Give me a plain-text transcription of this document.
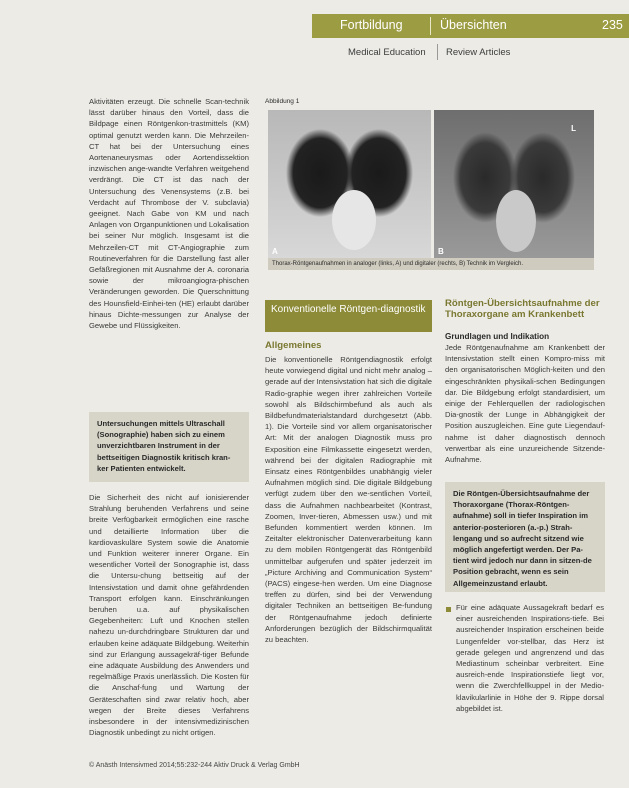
Fortbildung	Übersichten	235
Medical Education Review Articles

Aktivitäten erzeugt. Die schnelle Scan-technik lässt darüber hinaus den Vorteil, dass die Bildpage einen Röntgenkon-trastmittels (KM) optimal genutzt werden kann. Die Mehrzeilen-CT hat bei der Untersuchung eines Aortenaneurysmas oder Aortendissektion inzwischen ange-wandte Verfahren weitgehend verdrängt. Die CT ist das nach der Untersuchung des Venensystems (z.B. bei Verdacht auf Thrombose der V. subclavia) geeignet. Nach Gabe von KM und nach Anlagen von Organpunktionen und Lokalisation bei seiner Nur möglich. Insgesamt ist die Mehrzeilen-CT mit CT-Angiographie zum Routineverfahren für die Darstellung fast aller Gefäßregionen mit Ausnahme der A. coronaria sowie der mikroangiogra-phischen Veränderungen geworden. Die Querschnittung des Hounsfield-Einhei-ten (HE) erlaubt darüber hinaus Dichte-messungen zur Analyse der Gewebe und Flüssigkeiten.

Untersuchungen mittels Ultraschall (Sonographie) haben sich zu einem unverzichtbaren Instrument in der bettseitigen Diagnostik kritisch kran-ker Patienten entwickelt.

Die Sicherheit des nicht auf ionisierender Strahlung beruhenden Verfahrens und seine breite Verfügbarkeit ermöglichen eine rasche und detaillierte Information über die kardiovaskuläre System sowie die Anatomie und Funktion weiterer innerer Organe. Ein wesentlicher Vorteil der Sonographie ist, dass die Untersu-chung bettseitig auf der Intensivstation und damit ohne gefährdenden Transport erfolgen kann. Einschränkungen beruhen u.a. auf physikalischen Gegebenheiten: Luft und Knochen stellen nahezu un-durchdringbare Strukturen dar und erlauben keine adäquate Bildgebung. Weiterhin sind zur Erlangung aussagekräf-tiger Befunde eine adäquate Ausbildung des Anwenders und regelmäßige Praxis unerlässlich. Die Kosten für die Anschaf-fung und Wartung der Geräteschaften sind zwar relativ hoch, aber wegen der Breite dieses Verfahrens insbesondere in der intensivmedizinischen Diagnostik unbedingt zu nicht ortigen.

Abbildung 1
A	B
L
Thorax-Röntgenaufnahmen in analoger (links, A) und digitaler (rechts, B) Technik im Vergleich.
Konventionelle Röntgen-diagnostik
Allgemeines

Die konventionelle Röntgendiagnostik erfolgt heute vorwiegend digital und nicht mehr analog – gerade auf der Intensivstation hat sich die digitale Radio-graphie wegen ihrer zahlreichen Vorteile sowohl als Bildschirmbefund als auch als Bildbefundmaterialstandard durchgesetzt (Abb. 1). Die Vorteile sind vor allem organisatorischer Art: Mit der analogen Diagnostik muss pro Exposition eine Filmkassette eingesetzt werden, während bei der digitalen Radiographie mit Einsatz eines Röntgenbildes unabhängig vieler Aufnahmen möglich sind. Die digitale Bildgebung verfügt zudem über den we-sentlichen Vorteil, dass die Aufnahmen nachbearbeitet (Kontrast, Zoomen, Inver-tieren, Abmessen usw.) und mit Befunden kommentiert werden können. Im Zeitalter elektronischer Datenverarbeitung kann zu dem mobilen Röntgengerät das Röntgenbild unmittelbar aufgerufen und später jederzeit im „Picture Archiving and Communication System“ (PACS) eingese-hen werden. Um eine Diagnose treffen zu dürfen, sind bei der Verwendung digitaler Techniken an bettseitigen Be-fundung der Röntgenaufnahme jedoch definierte Anforderungen bezüglich der Bildschirmqualität zu beachten.

Röntgen-Übersichtsaufnahme der Thoraxorgane am Krankenbett
Grundlagen und Indikation

Jede Röntgenaufnahme am Krankenbett der Intensivstation stellt einen Kompro-miss mit den organisatorischen Möglich-keiten und den eingeschränkten physikali-schen Bedingungen dar. Die Bildgebung erfolgt standardisiert, um einige der Fehlerquellen der radiologischen Dia-gnostik der Lunge in Abhängigkeit der Position auszugleichen. Eine gute Liegendauf-nahme ist daher diagnostisch dennoch verwertbar als eine unzureichende Sitzende-Aufnahme.

Die Röntgen-Übersichtsaufnahme der Thoraxorgane (Thorax-Röntgen-aufnahme) soll in tiefer Inspiration im anterior-posterioren (a.-p.) Strah-lengang und so aufrecht sitzend wie möglich angefertigt werden. Der Pa-tient wird jedoch nur dann in sitzen-de Position gebracht, wenn es sein Allgemeinzustand erlaubt.

Für eine adäquate Aussagekraft bedarf es einer ausreichenden Inspirations-tiefe. Bei ausreichender Inspiration erscheinen beide Lungenfelder vor-stellbar, das Herz ist gerade gelegen und angrenzend und das Mediastinum scheinbar verbreitert. Eine ausreich-ende Inspirationstiefe liegt vor, wenn die Zwerchfellkuppel in der Medio-klavikularlinie in Höhe der 9. Rippe dorsal abgebildet ist.

© Anästh Intensivmed 2014;55:232-244 Aktiv Druck & Verlag GmbH
